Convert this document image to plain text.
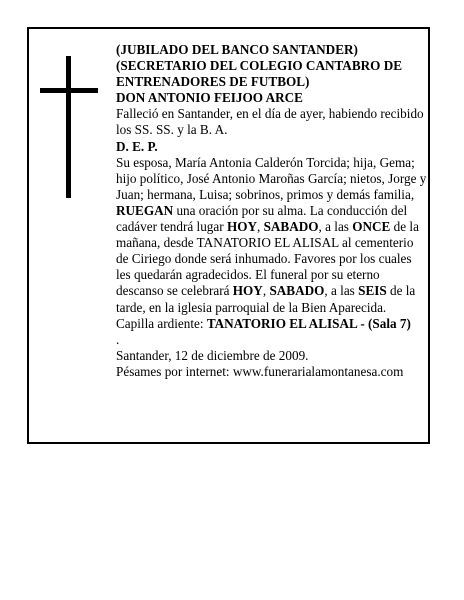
(JUBILADO DEL BANCO SANTANDER)

(SECRETARIO DEL COLEGIO CANTABRO DE ENTRENADORES DE FUTBOL)

DON ANTONIO FEIJOO ARCE

Falleció en Santander, en el día de ayer, habiendo recibido los SS. SS. y la B. A.

D. E. P.

Su esposa, María Antonia Calderón Torcida; hija, Gema; hijo político, José Antonio Maroñas García; nietos, Jorge y Juan; hermana, Luisa; sobrinos, primos y demás familia,

RUEGAN una oración por su alma. La conducción del cadáver tendrá lugar HOY, SABADO, a las ONCE de la mañana, desde TANATORIO EL ALISAL al cementerio de Ciriego donde será inhumado. Favores por los cuales les quedarán agradecidos. El funeral por su eterno descanso se celebrará HOY, SABADO, a las SEIS de la tarde, en la iglesia parroquial de la Bien Aparecida.

Capilla ardiente: TANATORIO EL ALISAL - (Sala 7)

.

Santander, 12 de diciembre de 2009.

Pésames por internet: www.funerarialamontanesa.com
